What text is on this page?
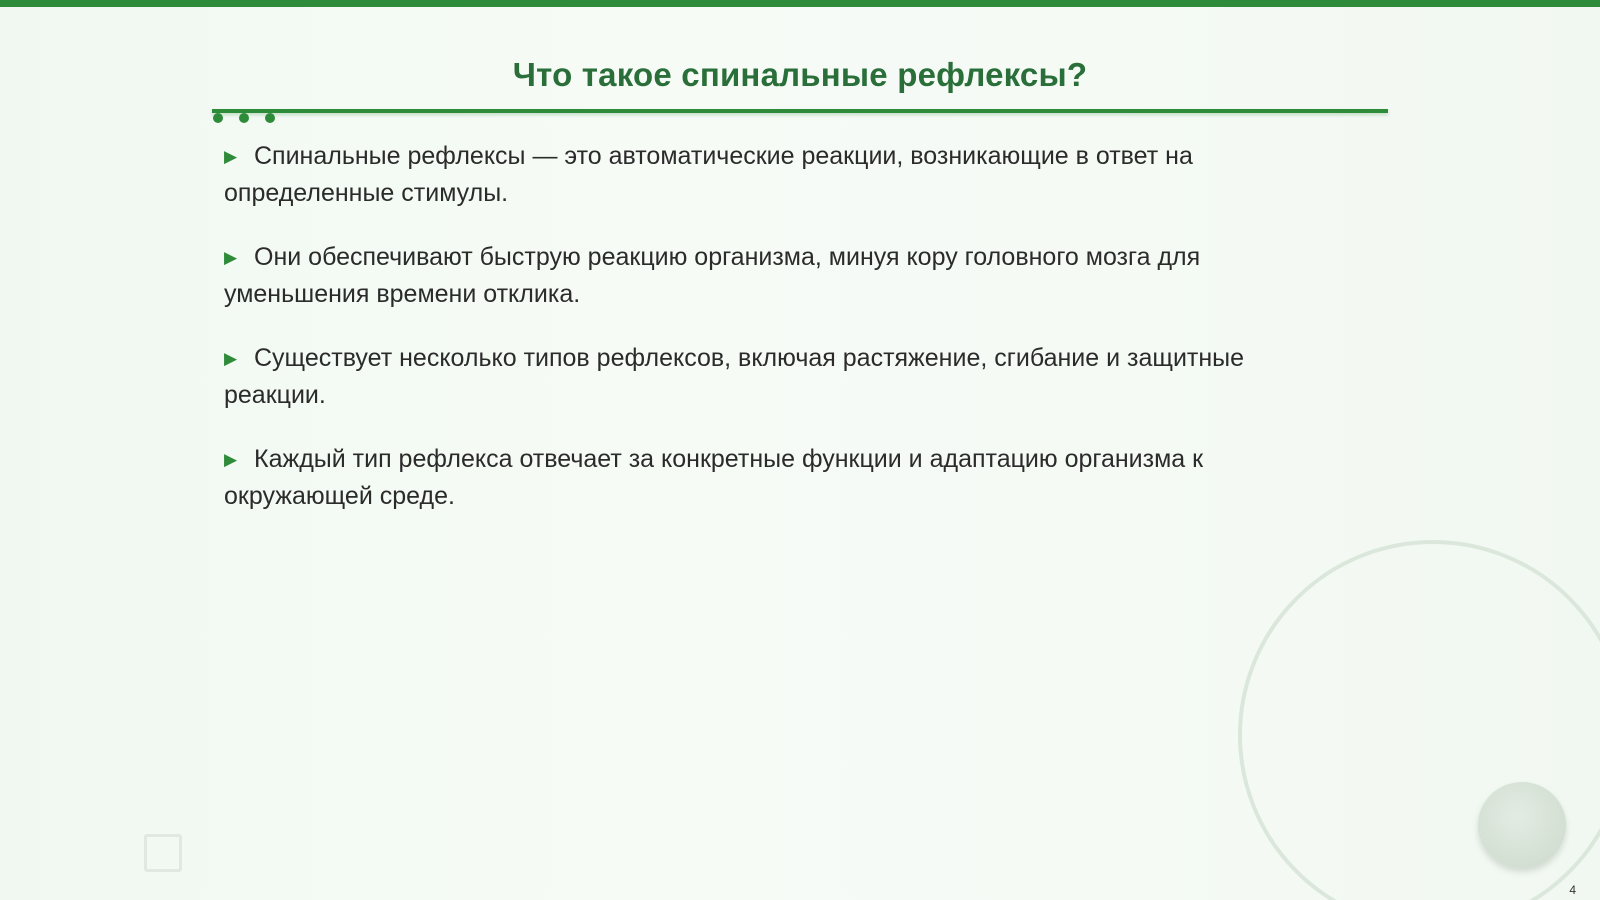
Что такое спинальные рефлексы?
▶ Спинальные рефлексы — это автоматические реакции, возникающие в ответ на определенные стимулы.
▶ Они обеспечивают быструю реакцию организма, минуя кору головного мозга для уменьшения времени отклика.
▶ Существует несколько типов рефлексов, включая растяжение, сгибание и защитные реакции.
▶ Каждый тип рефлекса отвечает за конкретные функции и адаптацию организма к окружающей среде.
4
